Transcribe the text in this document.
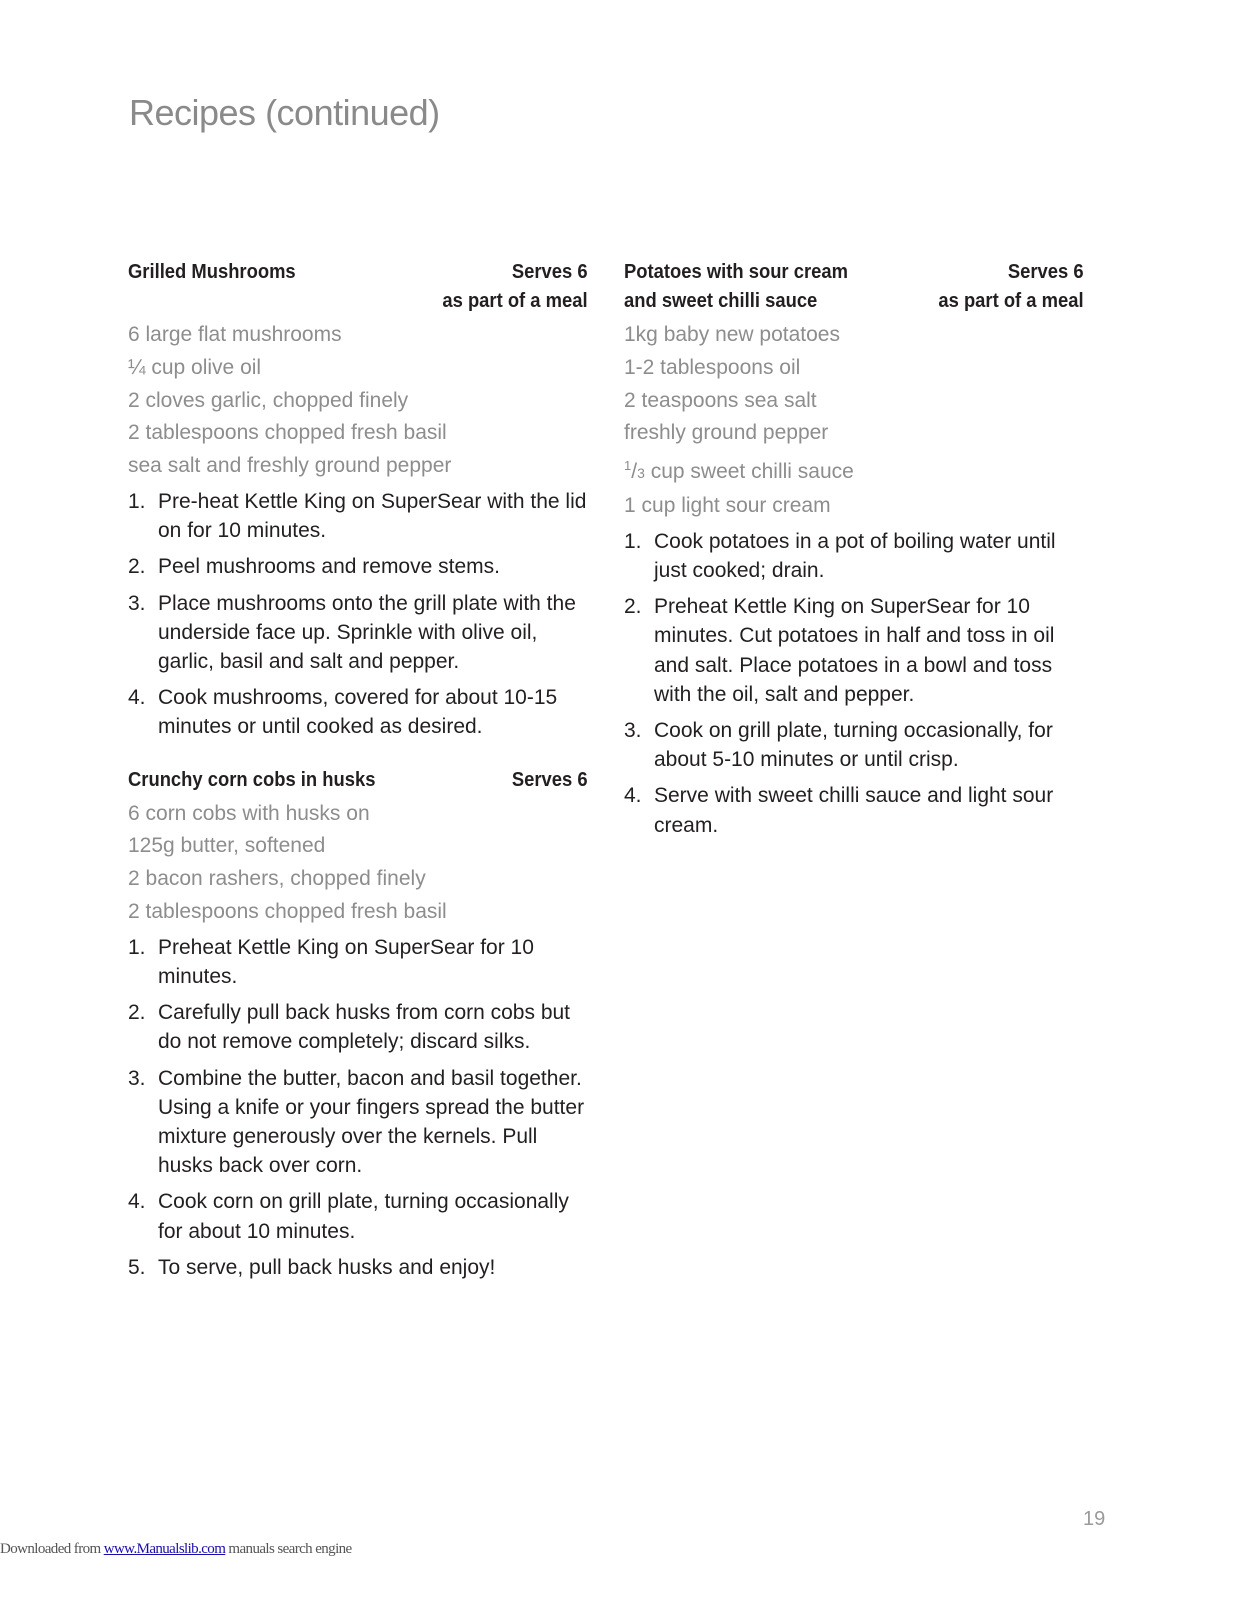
Recipes (continued)
Grilled Mushrooms	Serves 6
as part of a meal
6 large flat mushrooms
¼ cup olive oil
2 cloves garlic, chopped finely
2 tablespoons chopped fresh basil
sea salt and freshly ground pepper
1. Pre-heat Kettle King on SuperSear with the lid on for 10 minutes.
2. Peel mushrooms and remove stems.
3. Place mushrooms onto the grill plate with the underside face up. Sprinkle with olive oil, garlic, basil and salt and pepper.
4. Cook mushrooms, covered for about 10-15 minutes or until cooked as desired.
Crunchy corn cobs in husks	Serves 6
6 corn cobs with husks on
125g butter, softened
2 bacon rashers, chopped finely
2 tablespoons chopped fresh basil
1. Preheat Kettle King on SuperSear for 10 minutes.
2. Carefully pull back husks from corn cobs but do not remove completely; discard silks.
3. Combine the butter, bacon and basil together. Using a knife or your fingers spread the butter mixture generously over the kernels. Pull husks back over corn.
4. Cook corn on grill plate, turning occasionally for about 10 minutes.
5. To serve, pull back husks and enjoy!
Potatoes with sour cream
and sweet chilli sauce
Serves 6
as part of a meal
1kg baby new potatoes
1-2 tablespoons oil
2 teaspoons sea salt
freshly ground pepper
$^1$/3 cup sweet chilli sauce
1 cup light sour cream
1. Cook potatoes in a pot of boiling water until just cooked; drain.
2. Preheat Kettle King on SuperSear for 10 minutes. Cut potatoes in half and toss in oil and salt. Place potatoes in a bowl and toss with the oil, salt and pepper.
3. Cook on grill plate, turning occasionally, for about 5-10 minutes or until crisp.
4. Serve with sweet chilli sauce and light sour cream.
19
Downloaded from www.Manualslib.com manuals search engine
